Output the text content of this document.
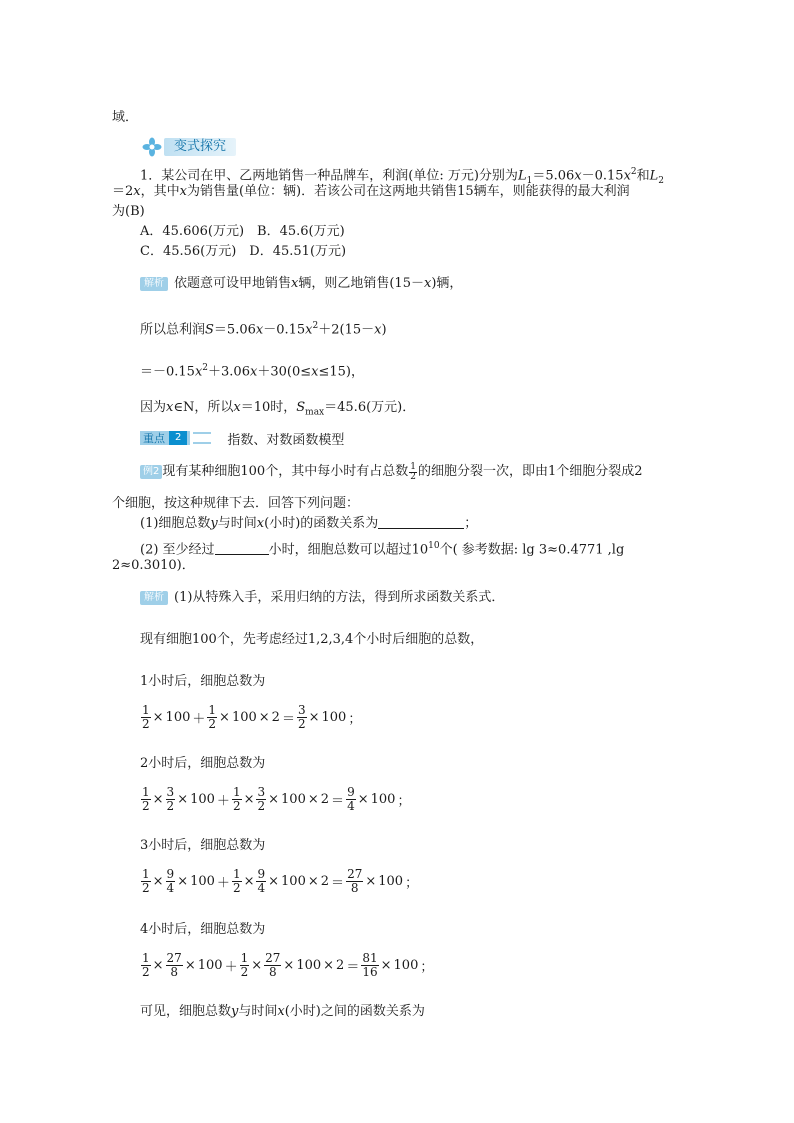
域．
变式探究
1．某公司在甲、乙两地销售一种品牌车，利润(单位: 万元)分别为$L_1=5.06x-0.15x^2$和$L_2$
＝2x，其中x为销售量(单位：辆)．若该公司在这两地共销售15辆车，则能获得的最大利润
为(B)
A．45.606(万元)　B．45.6(万元)
C．45.56(万元)　D．45.51(万元)
解析 依题意可设甲地销售x辆，则乙地销售(15－x)辆，
所以总利润$S=5.06x-0.15x^2+2(15-x)$
$=-0.15x^2+3.06x+30(0\le x\le 15)$，
因为x∈N，所以x＝10时，$S_{max}=45.6$(万元)．
重点	2	指数、对数函数模型
例2 现有某种细胞100个，其中每小时有占总数 $\frac{1}{2}$ 的细胞分裂一次，即由1个细胞分裂成2
个细胞，按这种规律下去．回答下列问题：
(1)细胞总数y与时间x(小时)的函数关系为	；
(2) 至少经过	小时，细胞总数可以超过$10^{10}$个( 参考数据: lg 3≈0.4771 ,lg
2≈0.3010)．
解析 (1)从特殊入手，采用归纳的方法，得到所求函数关系式．
现有细胞100个，先考虑经过1,2,3,4个小时后细胞的总数，
1小时后，细胞总数为
$\frac{1}{2} \times 100 + \frac{1}{2} \times 100 \times 2 = \frac{3}{2} \times 100$ ；
2小时后，细胞总数为
$\frac{1}{2} \times \frac{3}{2} \times 100 + \frac{1}{2} \times \frac{3}{2} \times 100 \times 2 = \frac{9}{4} \times 100$ ；
3小时后，细胞总数为
$\frac{1}{2} \times \frac{9}{4} \times 100 + \frac{1}{2} \times \frac{9}{4} \times 100 \times 2 = \frac{27}{8} \times 100$ ；
4小时后，细胞总数为
$\frac{1}{2} \times \frac{27}{8} \times 100 + \frac{1}{2} \times \frac{27}{8} \times 100 \times 2 = \frac{81}{16} \times 100$ ；
可见，细胞总数y与时间x(小时)之间的函数关系为
